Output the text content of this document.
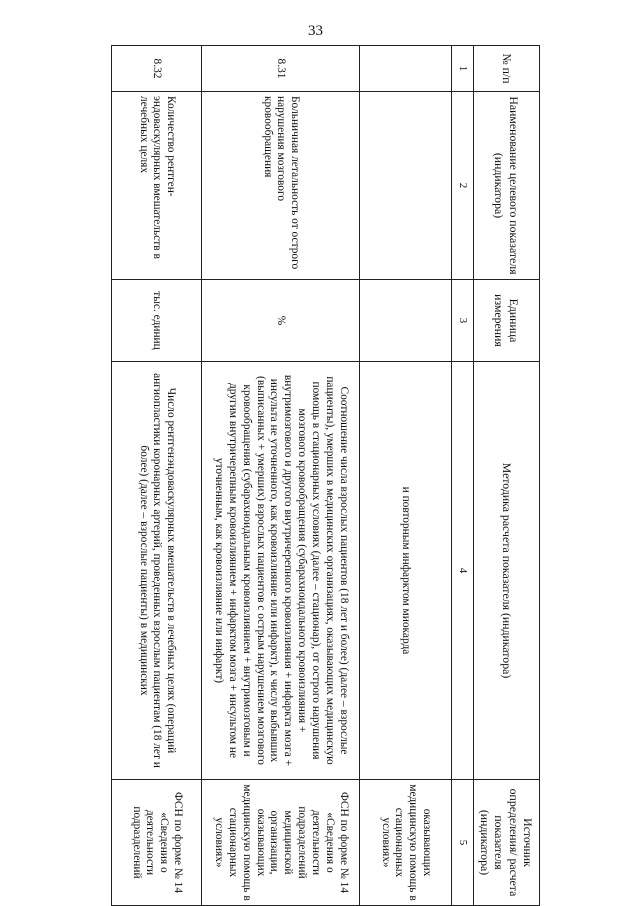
33
№ п/п	Наименование целевого показателя (индикатора)	Единица измерения	Методика расчета показателя (индикатора)	Источник определения/ расчета показателя (индикатора)
1	2	3	4	5
			и повторным инфарктом миокарда	оказывающих медицинскую помощь в стационарных условиях»
8.31	Больничная летальность от острого нарушения мозгового кровообращения	%	Соотношение числа взрослых пациентов (18 лет и более) (далее – взрослые пациенты), умерших в медицинских организациях, оказывающих медицинскую помощь в стационарных условиях (далее – стационар), от острого нарушения мозгового кровообращения (субарахноидального кровоизлияния + внутримозгового и другого внутричерепного кровоизлияния + инфаркта мозга + инсульта не уточненного, как кровоизлияние или инфаркт), к числу выбывших (выписанных + умерших) взрослых пациентов с острым нарушением мозгового кровообращения (субарахноидальным кровоизлиянием + внутримозговым и другим внутричерепным кровоизлиянием + инфарктом мозга + инсультом не уточненным, как кровоизлияние или инфаркт)	ФСН по форме № 14 «Сведения о деятельности подразделений медицинской организации, оказывающих медицинскую помощь в стационарных условиях»
8.32	Количество рентген-эндоваскулярных вмешательств в лечебных целях	тыс. единиц	Число рентгенэндоваскулярных вмешательств в лечебных целях (операций ангиопластики коронарных артерий, проведенных взрослым пациентам (18 лет и более) (далее – взрослые пациенты) в медицинских	ФСН по форме № 14 «Сведения о деятельности подразделений
